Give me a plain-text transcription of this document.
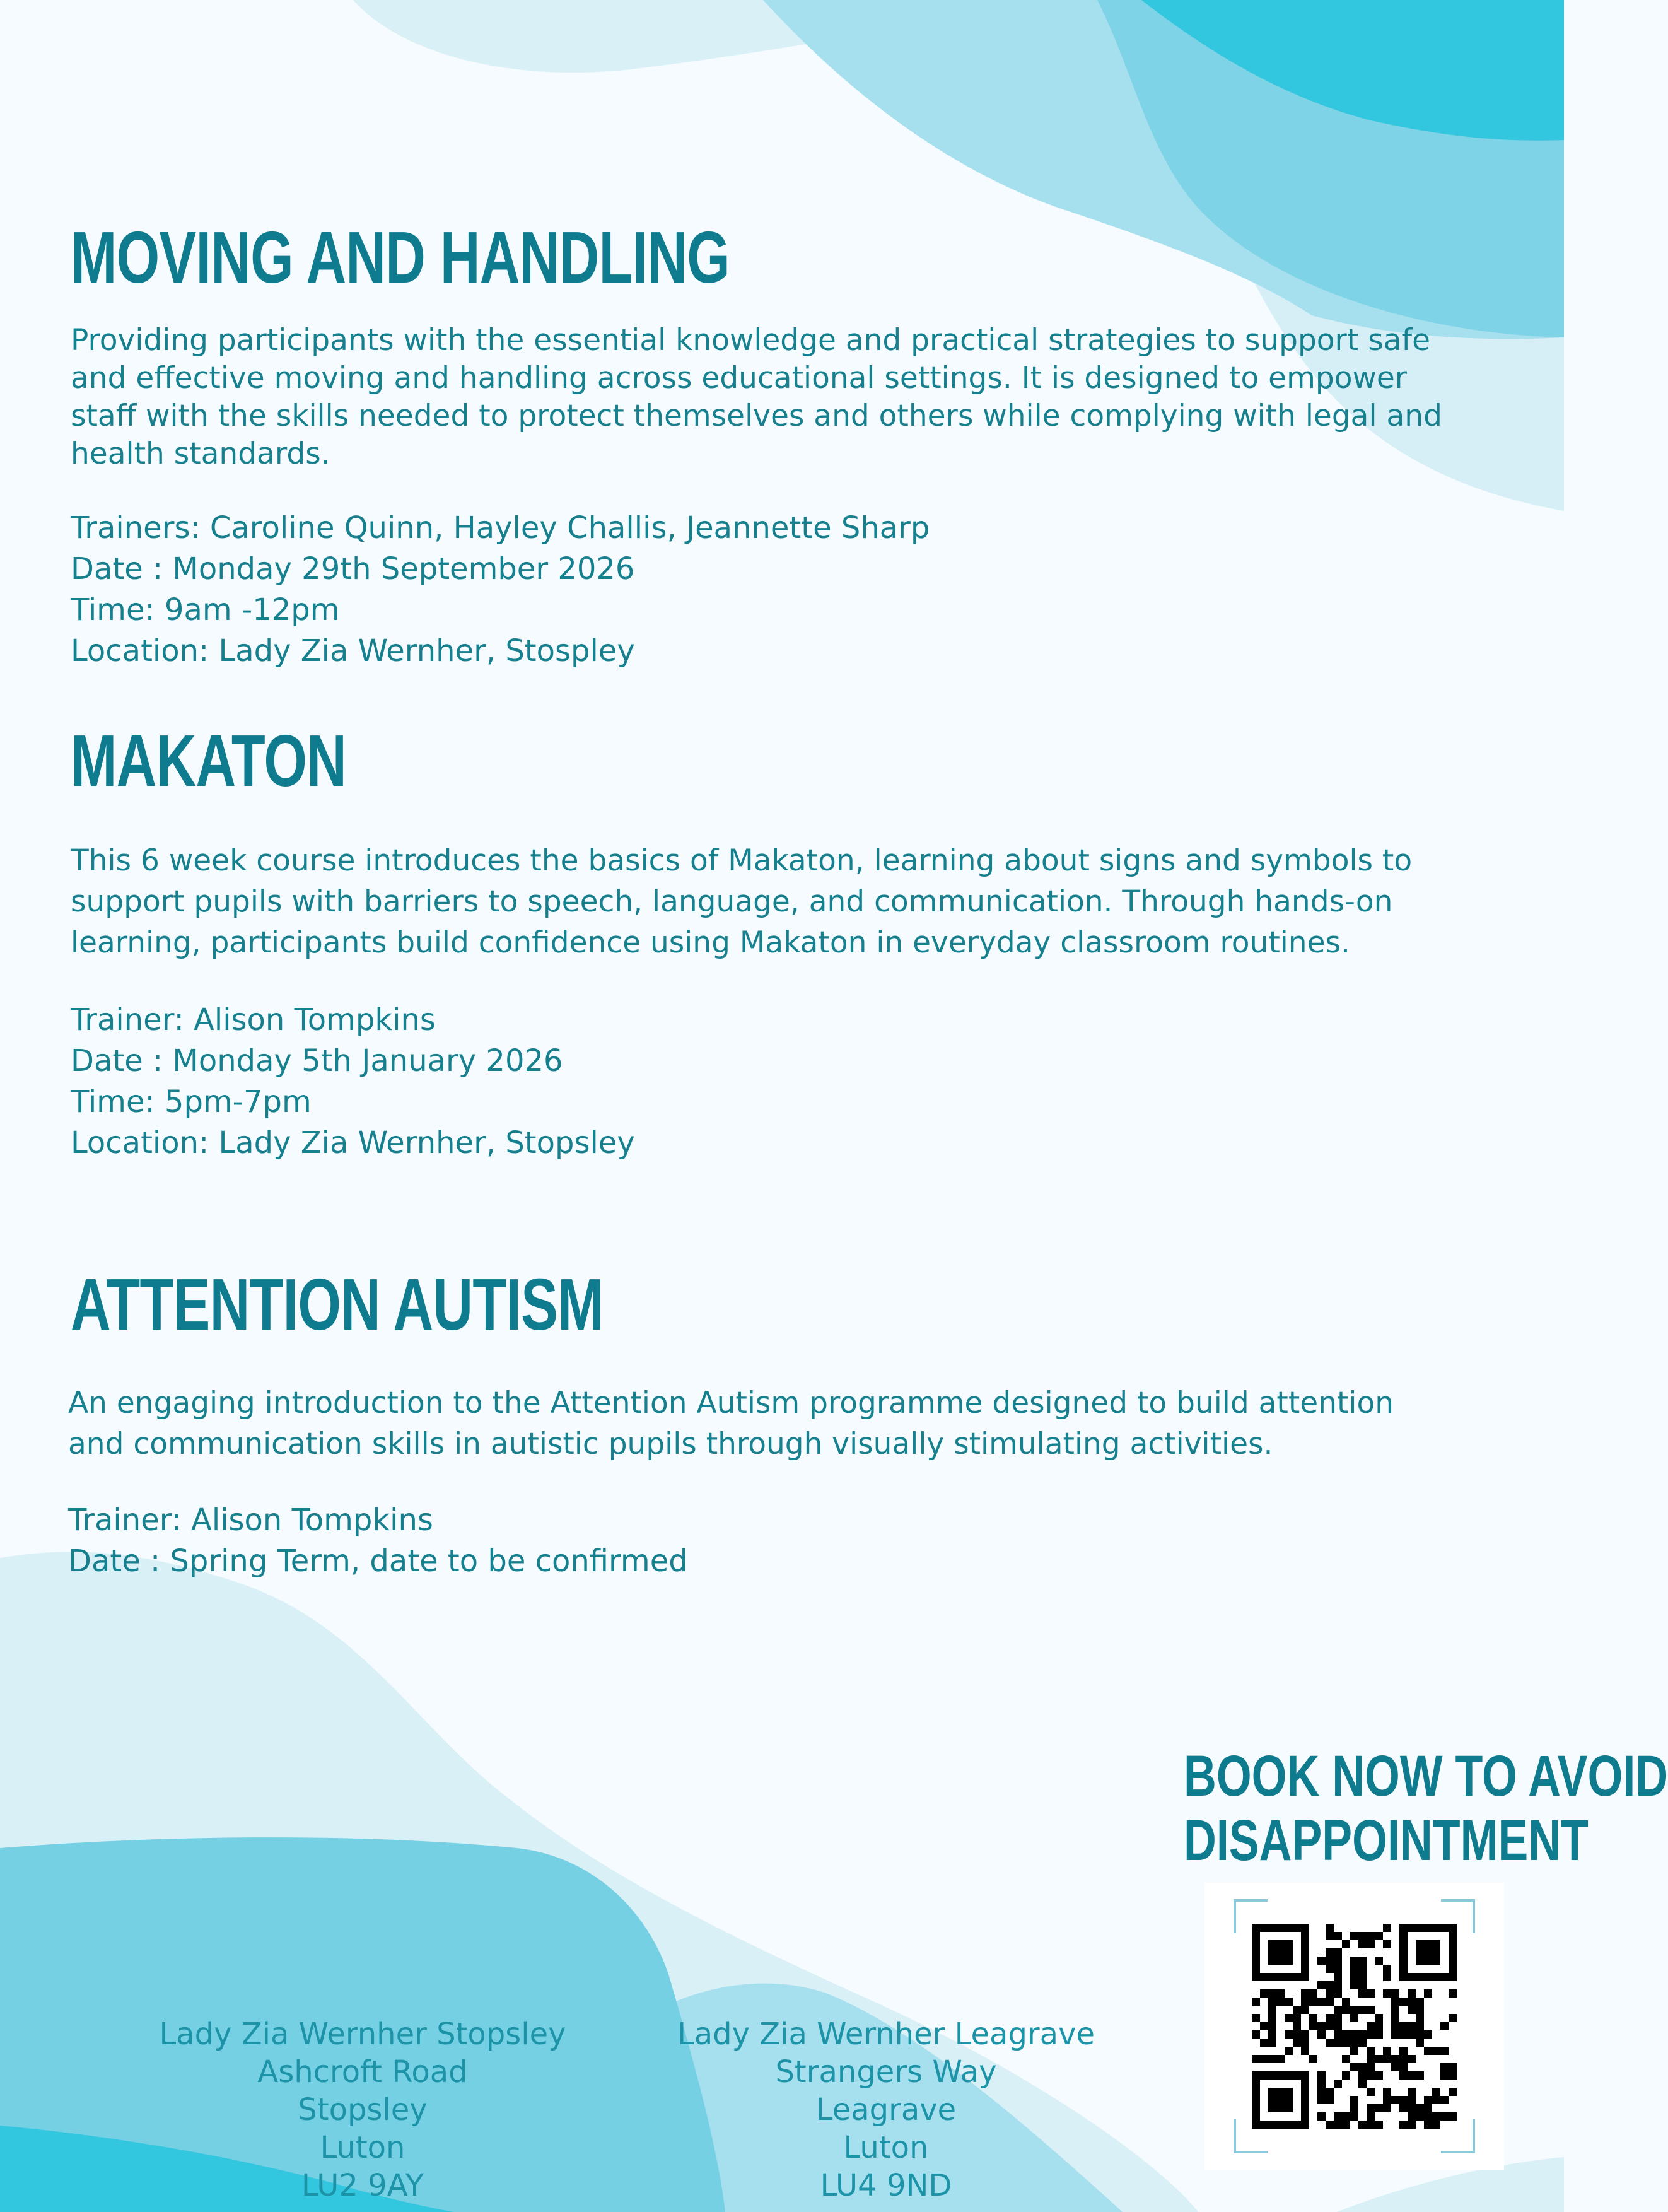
MOVING AND HANDLING

Providing participants with the essential knowledge and practical strategies to support safe

and effective moving and handling across educational settings. It is designed to empower

staff with the skills needed to protect themselves and others while complying with legal and

health standards.

Trainers: Caroline Quinn, Hayley Challis, Jeannette Sharp

Date : Monday 29th September 2026

Time: 9am -12pm

Location: Lady Zia Wernher, Stospley

MAKATON

This 6 week course introduces the basics of Makaton, learning about signs and symbols to

support pupils with barriers to speech, language, and communication. Through hands-on

learning, participants build confidence using Makaton in everyday classroom routines.

Trainer: Alison Tompkins

Date : Monday 5th January 2026

Time: 5pm-7pm

Location: Lady Zia Wernher, Stopsley

ATTENTION AUTISM

An engaging introduction to the Attention Autism programme designed to build attention

and communication skills in autistic pupils through visually stimulating activities.

Trainer: Alison Tompkins

Date : Spring Term, date to be confirmed

BOOK NOW TO AVOID
DISAPPOINTMENT
Lady Zia Wernher Stopsley
Ashcroft Road
Stopsley
Luton
LU2 9AY
Lady Zia Wernher Leagrave
Strangers Way
Leagrave
Luton
LU4 9ND
